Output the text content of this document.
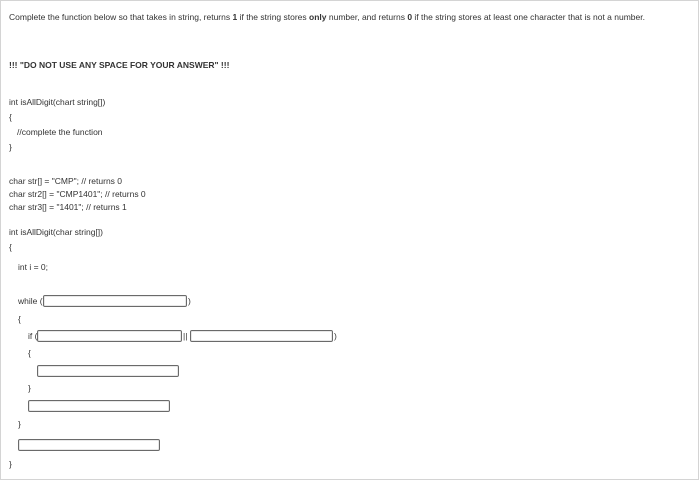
Complete the function below so that takes in string, returns 1 if the string stores only number, and returns 0 if the string stores at least one character that is not a number.
!!! "DO NOT USE ANY SPACE FOR YOUR ANSWER" !!!
int isAllDigit(chart string[])
{
//complete the function
}
char str[] = "CMP"; // returns 0
char str2[] = "CMP1401"; // returns 0
char str3[] = "1401"; // returns 1
int isAllDigit(char string[])
{
int i = 0;
while (	)
{
if (	||	)
{
}
}
}
